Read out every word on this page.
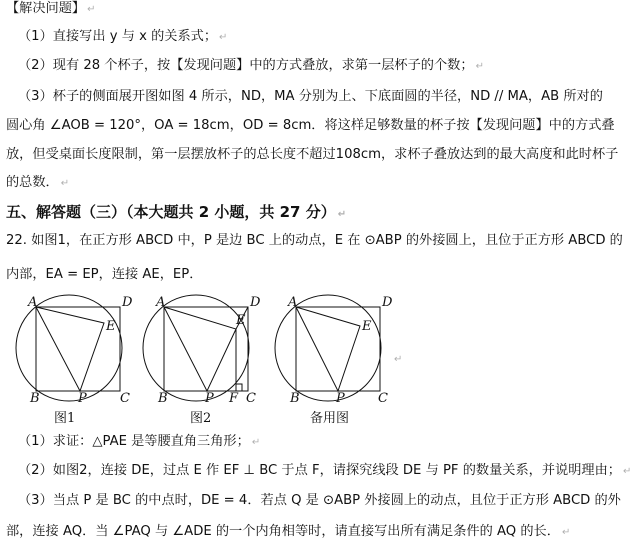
【解决问题】 ↵
（1）直接写出 y 与 x 的关系式； ↵
（2）现有 28 个杯子，按【发现问题】中的方式叠放，求第一层杯子的个数； ↵
（3）杯子的侧面展开图如图 4 所示，ND，MA 分别为上、下底面圆的半径，ND // MA，AB 所对的
圆心角 ∠AOB = 120°，OA = 18cm，OD = 8cm．将这样足够数量的杯子按【发现问题】中的方式叠
放，但受桌面长度限制，第一层摆放杯子的总长度不超过108cm，求杯子叠放达到的最大高度和此时杯子
的总数． ↵
五、解答题（三）（本大题共 2 小题，共 27 分） ↵
22. 如图1，在正方形 ABCD 中，P 是边 BC 上的动点，E 在 ⊙ABP 的外接圆上，且位于正方形 ABCD 的
内部，EA = EP，连接 AE，EP．
A	D
E
B	P	C
图1
A	D
E
B	P F C
图2
A	D
E
B	P	C
备用图
↵
（1）求证：△PAE 是等腰直角三角形； ↵
（2）如图2，连接 DE，过点 E 作 EF ⊥ BC 于点 F，请探究线段 DE 与 PF 的数量关系，并说明理由； ↵
（3）当点 P 是 BC 的中点时，DE = 4．若点 Q 是 ⊙ABP 外接圆上的动点，且位于正方形 ABCD 的外
部，连接 AQ．当 ∠PAQ 与 ∠ADE 的一个内角相等时，请直接写出所有满足条件的 AQ 的长． ↵
